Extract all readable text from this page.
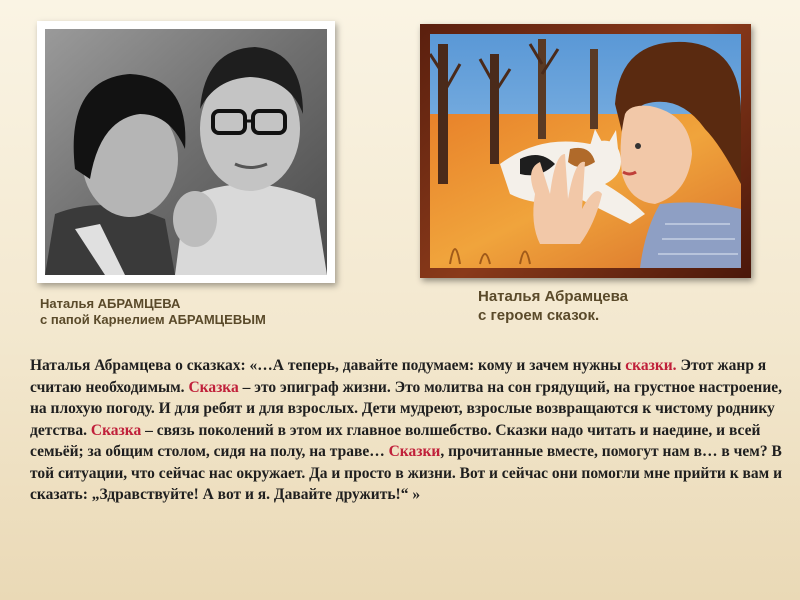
Наталья АБРАМЦЕВА
с папой Карнелием АБРАМЦЕВЫМ
Наталья Абрамцева
с героем сказок.
Наталья Абрамцева о сказках: «…А теперь, давайте подумаем: кому и зачем нужны сказки. Этот жанр я считаю необходимым. Сказка – это эпиграф жизни. Это молитва на сон грядущий, на грустное настроение, на плохую погоду. И для ребят и для взрослых. Дети мудреют, взрослые возвращаются к чистому роднику детства. Сказка – связь поколений в этом их главное волшебство. Сказки надо читать и наедине, и всей семьёй; за общим столом, сидя на полу, на траве… Сказки, прочитанные вместе, помогут нам в… в чем? В той ситуации, что сейчас нас окружает. Да и просто в жизни. Вот и сейчас они помогли мне прийти к вам и сказать: „Здравствуйте! А вот и я. Давайте дружить!“ »
